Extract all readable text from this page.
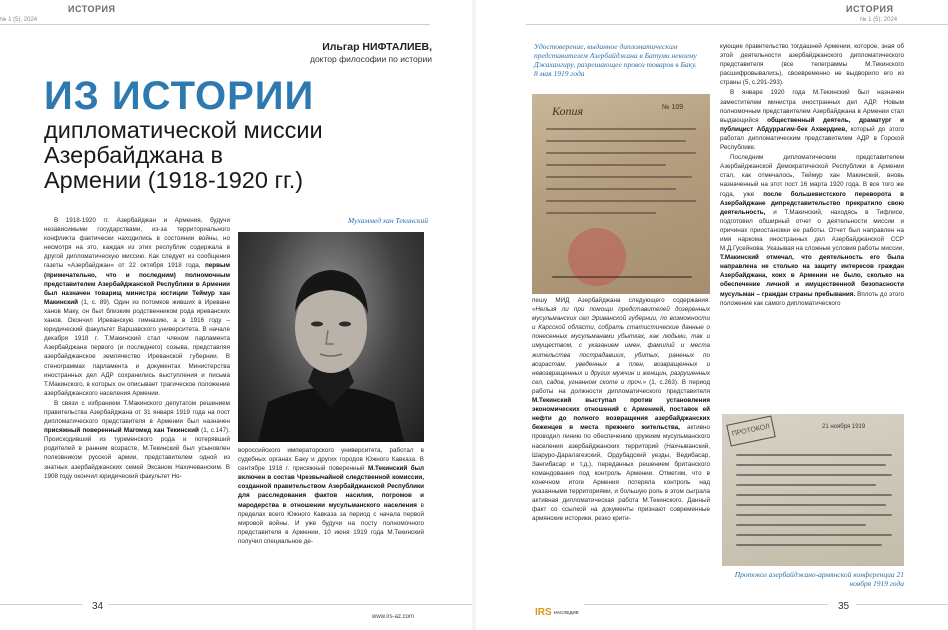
ИСТОРИЯ
№ 1 (5), 2024
Ильгар НИФТАЛИЕВ,
доктор философии по истории
ИЗ ИСТОРИИ
дипломатической миссии
Азербайджана в
Армении (1918-1920 гг.)
Мухаммед хан Текинский

В 1918-1920 гг. Азербайджан и Армения, будучи независимыми государствами, из-за территориального конфликта фактически находились в состоянии войны, но несмотря на это, каждая из этих республик содержала в другой дипломатическую миссию. Как следует из сообщения газеты «Азербайджан» от 22 октября 1918 года, первым (примечательно, что и последним) полномочным представителем Азербайджанской Республики в Армении был назначен товарищ министра юстиции Теймур хан Макинский (1, с. 89). Один из потомков живших в Иреване ханов Маку, он был близким родственником рода иреванских ханов. Окончил Иреванскую гимназию, а в 1916 году – юридический факультет Варшавского университета. В начале декабря 1918 г. Т.Макинский стал членом парламента Азербайджана первого (и последнего) созыва, представляя азербайджанское землячество Иреванской губернии. В стенограммах парламента и документах Министерства иностранных дел АДР сохранились выступления и письма Т.Макинского, в которых он описывает трагическое положение азербайджанского населения Армении.

В связи с избранием Т.Макинского депутатом решением правительства Азербайджана от 31 января 1919 года на пост дипломатического представителя в Армении был назначен присяжный поверенный Магомед хан Текинский (1, с.147). Происходивший из туркменского рода и потерявший родителей в раннем возрасте, М.Текинский был усыновлен полковником русской армии, представителем одной из знатных азербайджанских семей Эксаном Нахичеванским. В 1908 году окончил юридический факультет Но-

вороссийского императорского университета, работал в судебных органах Баку и других городов Южного Кавказа. В сентябре 1918 г. присяжный поверенный М.Текинский был включен в состав Чрезвычайной следственной комиссии, созданной правительством Азербайджанской Республики для расследования фактов насилия, погромов и мародерства в отношении мусульманского населения в пределах всего Южного Кавказа за период с начала первой мировой войны. И уже будучи на посту полномочного представителя в Армении, 10 июня 1919 года М.Текинский получил специальное де-

34
www.irs-az.com
ИСТОРИЯ
№ 1 (5), 2024
Удостоверение, выданное дипломатическим представителем Азербайджана в Батуми некоему Джахангиру, разрешающее провоз товаров в Баку. 8 мая 1919 года
Копия	№ 109

пешу МИД Азербайджана следующего содержания: «Нельзя ли при помощи представителей дозеренных мусульманских сел Эриванской губернии, по возможности и Карсской области, собрать статистические данные о понесенных мусульманами убытках, как людьми, так и имуществом, с указанием имен, фамилий и места жительства пострадавших, убитых, раненых по возрастам, уведенных в плен, возвращенных и невозвращенных и других мужчин и женщин, разрушенных сел, садов, угнанном скоте и проч.» (1, с.263). В период работы на должности дипломатического представителя М.Текинский выступал против установления экономических отношений с Арменией, поставок ей нефти до полного возвращения азербайджанских беженцев в места прежнего жительства, активно проводил линию по обеспечению оружием мусульманского населения азербайджанских территорий (Нахчыванский, Шаруро-Даралагезский, Ордубадский уезды, Ведибасар, Зангибасар и т.д.), переданных решением британского командования под контроль Армении. Отметим, что в конечном итоге Армения потеряла контроль над указанными территориями, и большую роль в этом сыграла активная дипломатическая работа М.Текинского. Данный факт со ссылкой на документы признают современные армянские историки, резко крити-

кующие правительство тогдашней Армении, которое, зная об этой деятельности азербайджанского дипломатического представителя (все телеграммы М.Текинского расшифровывались), своевременно не выдворило его из страны (5, с.291-293).

В январе 1920 года М.Текинский был назначен заместителем министра иностранных дел АДР. Новым полномочным представителем Азербайджана в Армении стал выдающийся общественный деятель, драматург и публицист Абдуррагим-бек Ахвердиев, который до этого работал дипломатическим представителем АДР в Горской Республике.

Последним дипломатическим представителем Азербайджанской Демократической Республики в Армении стал, как отмечалось, Теймур хан Макинский, вновь назначенный на этот пост 16 марта 1920 года. В все того же года, уже после большевистского переворота в Азербайджане дипредставительство прекратило свою деятельность, и Т.Макинский, находясь в Тифлисе, подготовил обширный отчет о деятельности миссии и причинах приостановки ее работы. Отчет был направлен на имя наркома иностранных дел Азербайджанской ССР М.Д.Гусейнова. Указывая на сложные условия работы миссии, Т.Макинский отмечал, что деятельность его была направлена не столько на защиту интересов граждан Азербайджана, коих в Армении не было, сколько на обеспечение личной и имущественной безопасности мусульман – граждан страны пребывания. Вплоть до этого положение как самого дипломатического

ПРОТОКОЛ	21 ноября 1919
Протокол азербайджано-армянской конференции 21 ноября 1919 года
IRS НАСЛЕДИЕ
35
